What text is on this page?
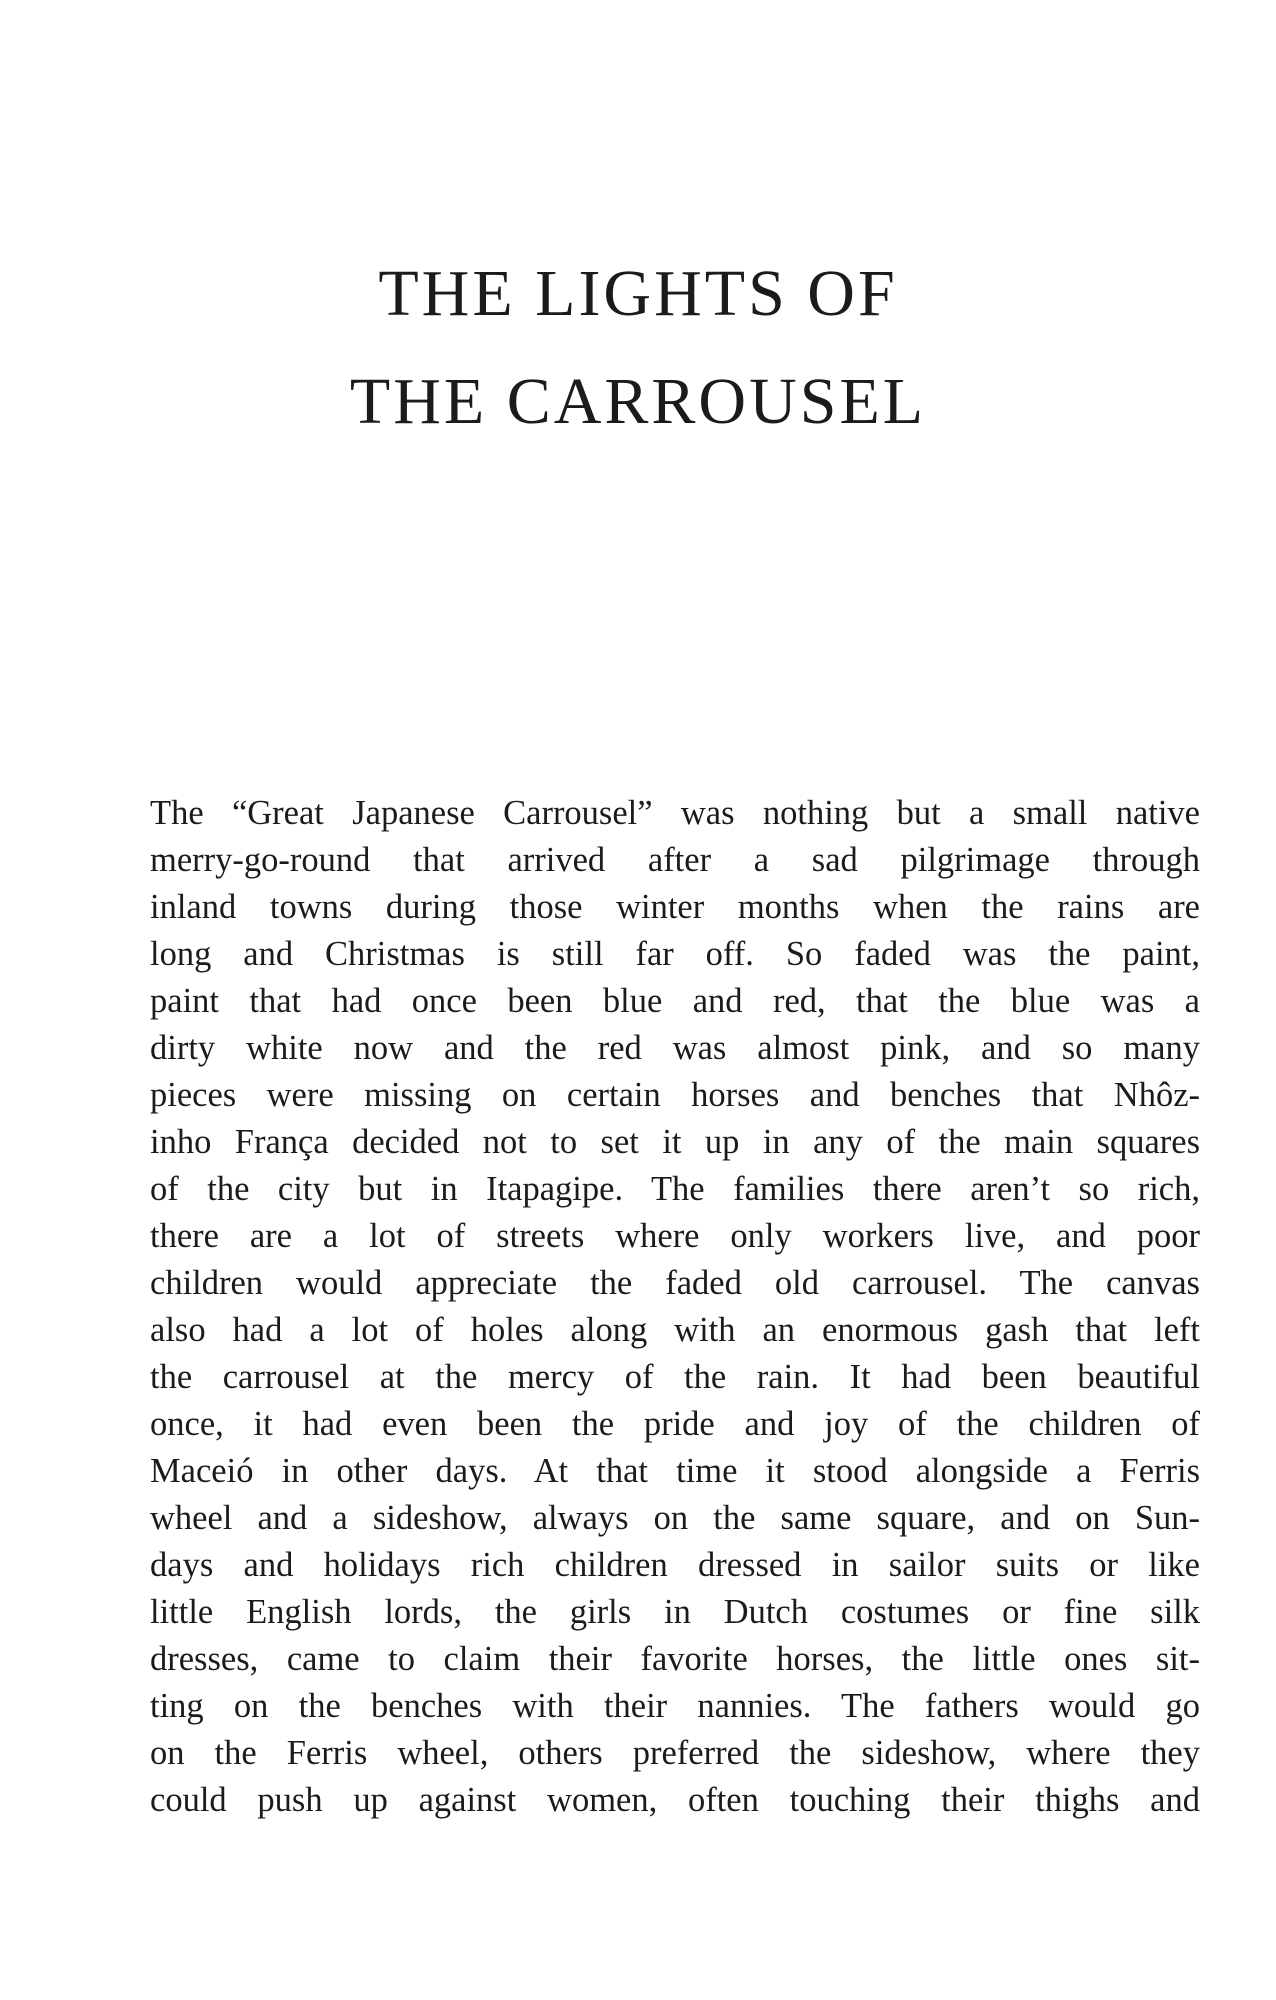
THE LIGHTS OF
THE CARROUSEL
The “Great Japanese Carrousel” was nothing but a small native
merry-go-round that arrived after a sad pilgrimage through
inland towns during those winter months when the rains are
long and Christmas is still far off. So faded was the paint,
paint that had once been blue and red, that the blue was a
dirty white now and the red was almost pink, and so many
pieces were missing on certain horses and benches that Nhôz-
inho França decided not to set it up in any of the main squares
of the city but in Itapagipe. The families there aren’t so rich,
there are a lot of streets where only workers live, and poor
children would appreciate the faded old carrousel. The canvas
also had a lot of holes along with an enormous gash that left
the carrousel at the mercy of the rain. It had been beautiful
once, it had even been the pride and joy of the children of
Maceió in other days. At that time it stood alongside a Ferris
wheel and a sideshow, always on the same square, and on Sun-
days and holidays rich children dressed in sailor suits or like
little English lords, the girls in Dutch costumes or fine silk
dresses, came to claim their favorite horses, the little ones sit-
ting on the benches with their nannies. The fathers would go
on the Ferris wheel, others preferred the sideshow, where they
could push up against women, often touching their thighs and
